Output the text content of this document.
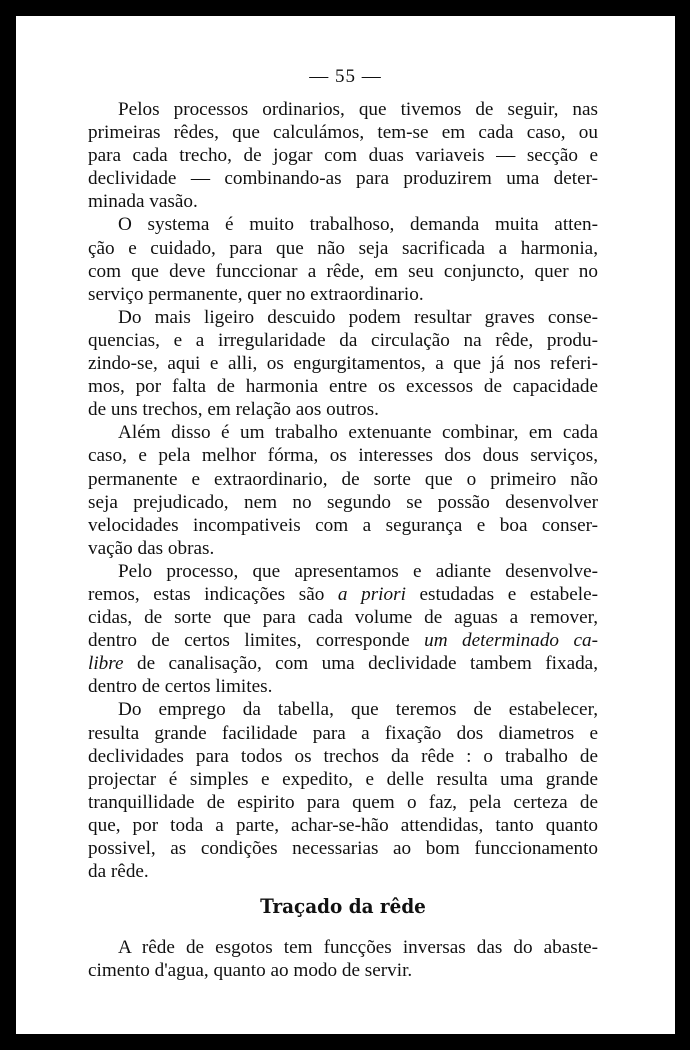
— 55 —
Pelos processos ordinarios, que tivemos de seguir, nas
primeiras rêdes, que calculámos, tem-se em cada caso, ou
para cada trecho, de jogar com duas variaveis — secção e
declividade — combinando-as para produzirem uma deter-
minada vasão.
O systema é muito trabalhoso, demanda muita atten-
ção e cuidado, para que não seja sacrificada a harmonia,
com que deve funccionar a rêde, em seu conjuncto, quer no
serviço permanente, quer no extraordinario.
Do mais ligeiro descuido podem resultar graves conse-
quencias, e a irregularidade da circulação na rêde, produ-
zindo-se, aqui e alli, os engurgitamentos, a que já nos referi-
mos, por falta de harmonia entre os excessos de capacidade
de uns trechos, em relação aos outros.
Além disso é um trabalho extenuante combinar, em cada
caso, e pela melhor fórma, os interesses dos dous serviços,
permanente e extraordinario, de sorte que o primeiro não
seja prejudicado, nem no segundo se possão desenvolver
velocidades incompativeis com a segurança e boa conser-
vação das obras.
Pelo processo, que apresentamos e adiante desenvolve-
remos, estas indicações são a priori estudadas e estabele-
cidas, de sorte que para cada volume de aguas a remover,
dentro de certos limites, corresponde um determinado ca-
libre de canalisação, com uma declividade tambem fixada,
dentro de certos limites.
Do emprego da tabella, que teremos de estabelecer,
resulta grande facilidade para a fixação dos diametros e
declividades para todos os trechos da rêde : o trabalho de
projectar é simples e expedito, e delle resulta uma grande
tranquillidade de espirito para quem o faz, pela certeza de
que, por toda a parte, achar-se-hão attendidas, tanto quanto
possivel, as condições necessarias ao bom funccionamento
da rêde.
Traçado da rêde
A rêde de esgotos tem funcções inversas das do abaste-
cimento d'agua, quanto ao modo de servir.
